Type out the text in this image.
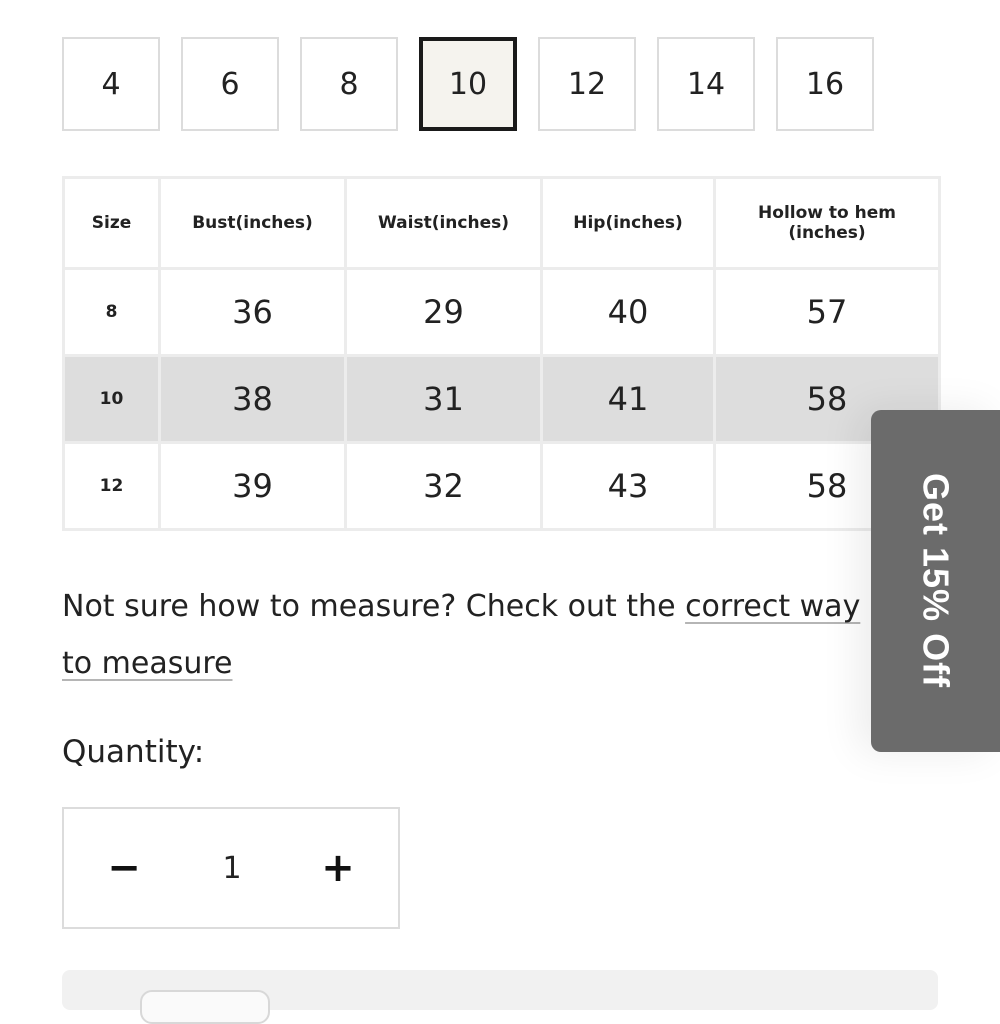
4	6	8	10	12	14	16
Size	Bust(inches)	Waist(inches)	Hip(inches)	Hollow to hem (inches)
8	36	29	40	57
10	38	31	41	58
12	39	32	43	58
Not sure how to measure? Check out the correct way to measure
Quantity:
−
1	+
Get 15% Off
